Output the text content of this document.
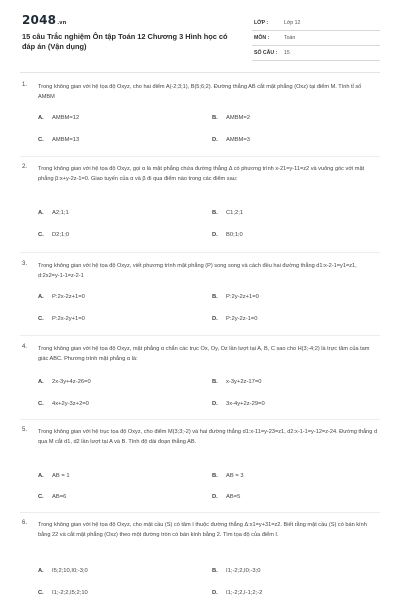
2048.vn
15 câu Trắc nghiệm Ôn tập Toán 12 Chương 3 Hình học có đáp án (Vận dụng)
LỚP :	Lớp 12
MÔN :	Toán
SỐ CÂU : 15
1. Trong không gian với hệ tọa độ Oxyz, cho hai điểm A(-2;3;1), B(5;6;2). Đường thẳng AB cắt mặt phẳng (Oxz) tại điểm M. Tính tỉ số AMBM
A. AMBM=12	B. AMBM=2
C. AMBM=13	D. AMBM=3
2. Trong không gian với hệ tọa độ Oxyz, gọi α là mặt phẳng chứa đường thẳng Δ có phương trình x-21=y-11=z2 và vuông góc với mặt phẳng β:x+y-2z-1=0. Giao tuyến của α và β đi qua điểm nào trong các điểm sau:
A. A2;1;1	B. C1;2;1
C. D2;1;0	D. B0;1;0
3. Trong không gian với hệ tọa độ Oxyz, viết phương trình mặt phẳng (P) song song và cách đều hai đường thẳng d1:x-2-1=y1=z1, d:2x2=y-1-1=z-2-1
A. P:2x-2z+1=0	B. P:2y-2z+1=0
C. P:2x-2y+1=0	D. P:2y-2z-1=0
4. Trong không gian với hệ tọa độ Oxyz, mặt phẳng α chắn các trục Ox, Oy, Oz lần lượt tại A, B, C sao cho H(3;-4;2) là trực tâm của tam giác ABC. Phương trình mặt phẳng α là:
A. 2x-3y+4z-26=0	B. x-3y+2z-17=0
C. 4x+2y-3z+2=0	D. 3x-4y+2z-29=0
5. Trong không gian với hệ trục tọa độ Oxyz, cho điểm M(3;3;-2) và hai đường thẳng d1:x-11=y-23=z1, d2:x-1-1=y-12=z-24. Đường thẳng d qua M cắt d1, d2 lần lượt tại A và B. Tính độ dài đoạn thẳng AB.
A. AB = 1	B. AB = 3
C. AB=6	D. AB=5
6. Trong không gian với hệ tọa độ Oxyz, cho mặt cầu (S) có tâm I thuộc đường thẳng Δ:x1=y+31=z2. Biết rằng mặt cầu (S) có bán kính bằng 22 và cắt mặt phẳng (Oxz) theo một đường tròn có bán kính bằng 2. Tìm tọa độ của điểm I.
A. I5;2;10,I0;-3;0	B. I1;-2;2,I0;-3;0
C. I1;-2;2,I5;2;10	D. I1;-2;2,I-1;2;-2
